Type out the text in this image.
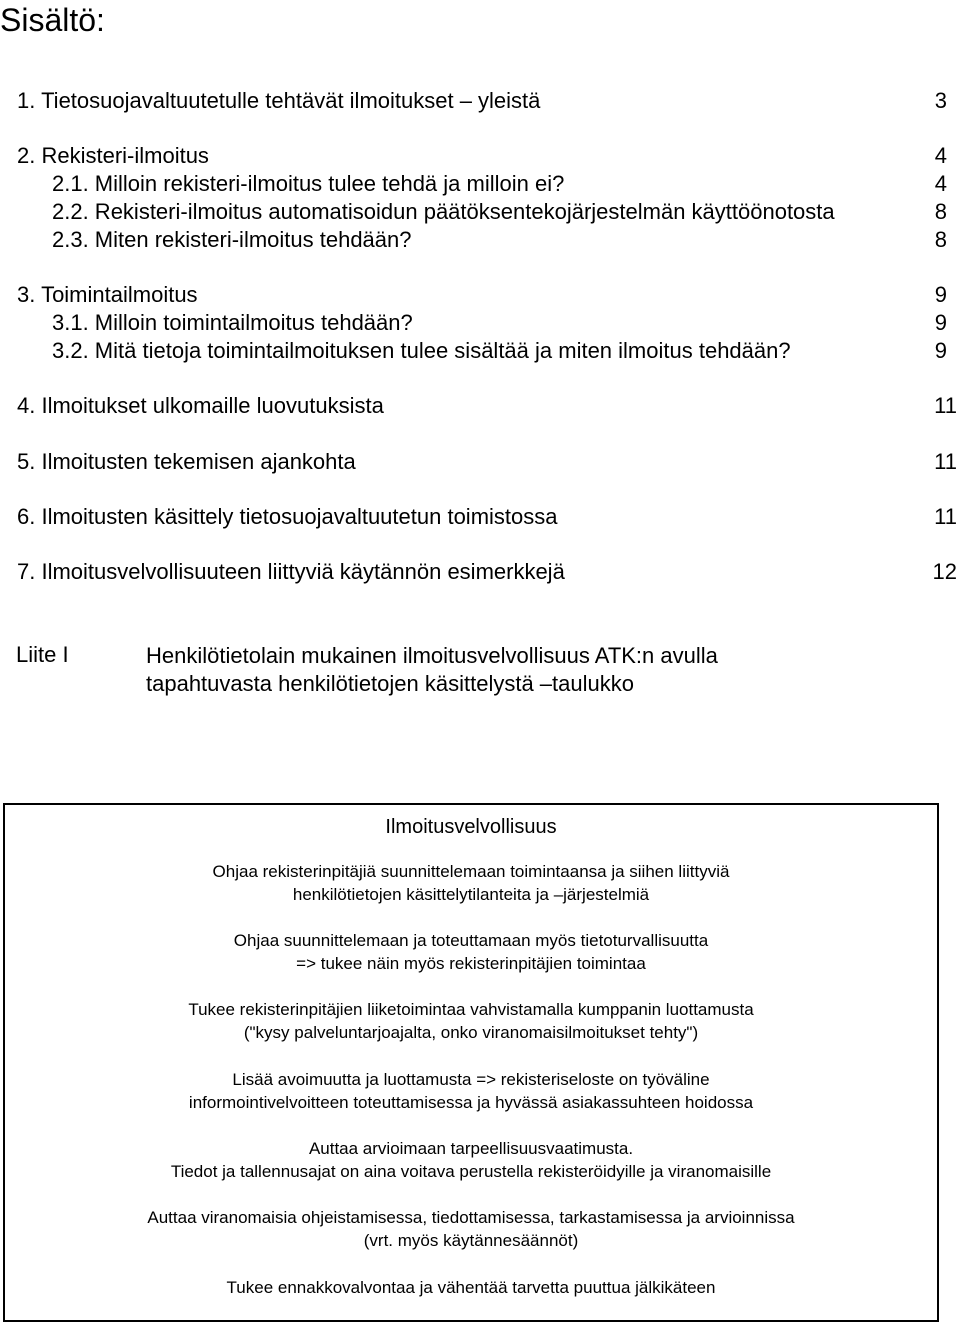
Sisältö:
1. Tietosuojavaltuutetulle tehtävät ilmoitukset – yleistä	3
2. Rekisteri-ilmoitus	4
2.1. Milloin rekisteri-ilmoitus tulee tehdä ja milloin ei?	4
2.2. Rekisteri-ilmoitus automatisoidun päätöksentekojärjestelmän käyttöönotosta	8
2.3. Miten rekisteri-ilmoitus tehdään?	8
3. Toimintailmoitus	9
3.1. Milloin toimintailmoitus tehdään?	9
3.2. Mitä tietoja toimintailmoituksen tulee sisältää ja miten ilmoitus tehdään?	9
4. Ilmoitukset ulkomaille luovutuksista	11
5. Ilmoitusten tekemisen ajankohta	11
6. Ilmoitusten käsittely tietosuojavaltuutetun toimistossa	11
7. Ilmoitusvelvollisuuteen liittyviä käytännön esimerkkejä	12
Liite I	Henkilötietolain mukainen ilmoitusvelvollisuus ATK:n avulla
tapahtuvasta henkilötietojen käsittelystä –taulukko
Ilmoitusvelvollisuus
Ohjaa rekisterinpitäjiä suunnittelemaan toimintaansa ja siihen liittyviä
henkilötietojen käsittelytilanteita ja –järjestelmiä
Ohjaa suunnittelemaan ja toteuttamaan myös tietoturvallisuutta
=> tukee näin myös rekisterinpitäjien toimintaa
Tukee rekisterinpitäjien liiketoimintaa vahvistamalla kumppanin luottamusta
("kysy palveluntarjoajalta, onko viranomaisilmoitukset tehty")
Lisää avoimuutta ja luottamusta => rekisteriseloste on työväline
informointivelvoitteen toteuttamisessa ja hyvässä asiakassuhteen hoidossa
Auttaa arvioimaan tarpeellisuusvaatimusta.
Tiedot ja tallennusajat on aina voitava perustella rekisteröidyille ja viranomaisille
Auttaa viranomaisia ohjeistamisessa, tiedottamisessa, tarkastamisessa ja arvioinnissa
(vrt. myös käytännesäännöt)
Tukee ennakkovalvontaa ja vähentää tarvetta puuttua jälkikäteen
